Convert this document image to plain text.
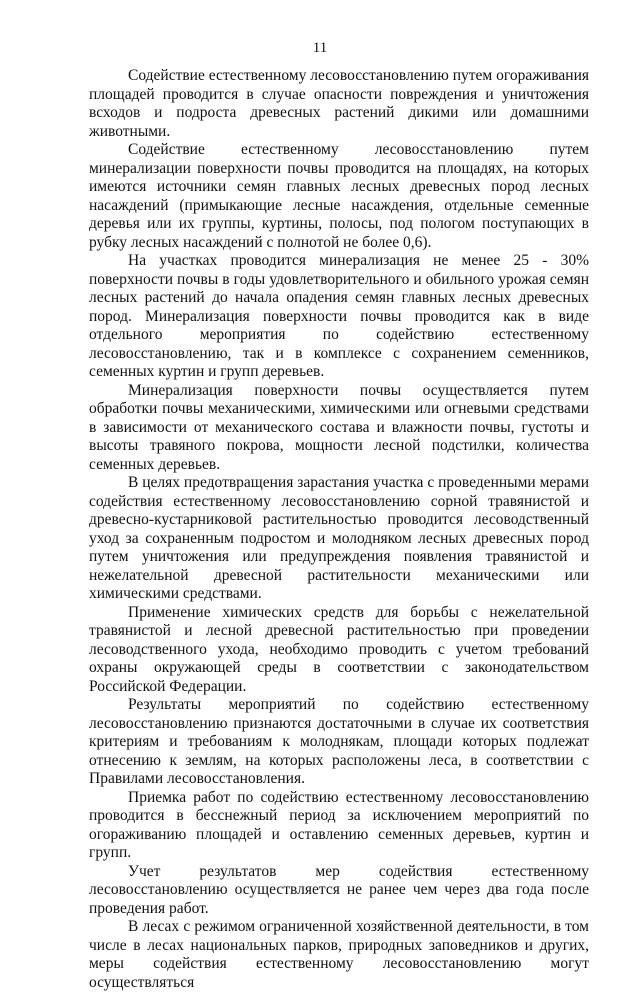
11

Содействие естественному лесовосстановлению путем огораживания площадей проводится в случае опасности повреждения и уничтожения всходов и подроста древесных растений дикими или домашними животными.

Содействие естественному лесовосстановлению путем минерализации поверхности почвы проводится на площадях, на которых имеются источники семян главных лесных древесных пород лесных насаждений (примыкающие лесные насаждения, отдельные семенные деревья или их группы, куртины, полосы, под пологом поступающих в рубку лесных насаждений с полнотой не более 0,6).

На участках проводится минерализация не менее 25 - 30% поверхности почвы в годы удовлетворительного и обильного урожая семян лесных растений до начала опадения семян главных лесных древесных пород. Минерализация поверхности почвы проводится как в виде отдельного мероприятия по содействию естественному лесовосстановлению, так и в комплексе с сохранением семенников, семенных куртин и групп деревьев.

Минерализация поверхности почвы осуществляется путем обработки почвы механическими, химическими или огневыми средствами в зависимости от механического состава и влажности почвы, густоты и высоты травяного покрова, мощности лесной подстилки, количества семенных деревьев.

В целях предотвращения зарастания участка с проведенными мерами содействия естественному лесовосстановлению сорной травянистой и древесно-кустарниковой растительностью проводится лесоводственный уход за сохраненным подростом и молодняком лесных древесных пород путем уничтожения или предупреждения появления травянистой и нежелательной древесной растительности механическими или химическими средствами.

Применение химических средств для борьбы с нежелательной травянистой и лесной древесной растительностью при проведении лесоводственного ухода, необходимо проводить с учетом требований охраны окружающей среды в соответствии с законодательством Российской Федерации.

Результаты мероприятий по содействию естественному лесовосстановлению признаются достаточными в случае их соответствия критериям и требованиям к молоднякам, площади которых подлежат отнесению к землям, на которых расположены леса, в соответствии с Правилами лесовосстановления.

Приемка работ по содействию естественному лесовосстановлению проводится в бесснежный период за исключением мероприятий по огораживанию площадей и оставлению семенных деревьев, куртин и групп.

Учет результатов мер содействия естественному лесовосстановлению осуществляется не ранее чем через два года после проведения работ.

В лесах с режимом ограниченной хозяйственной деятельности, в том числе в лесах национальных парков, природных заповедников и других, меры содействия естественному лесовосстановлению могут осуществляться
